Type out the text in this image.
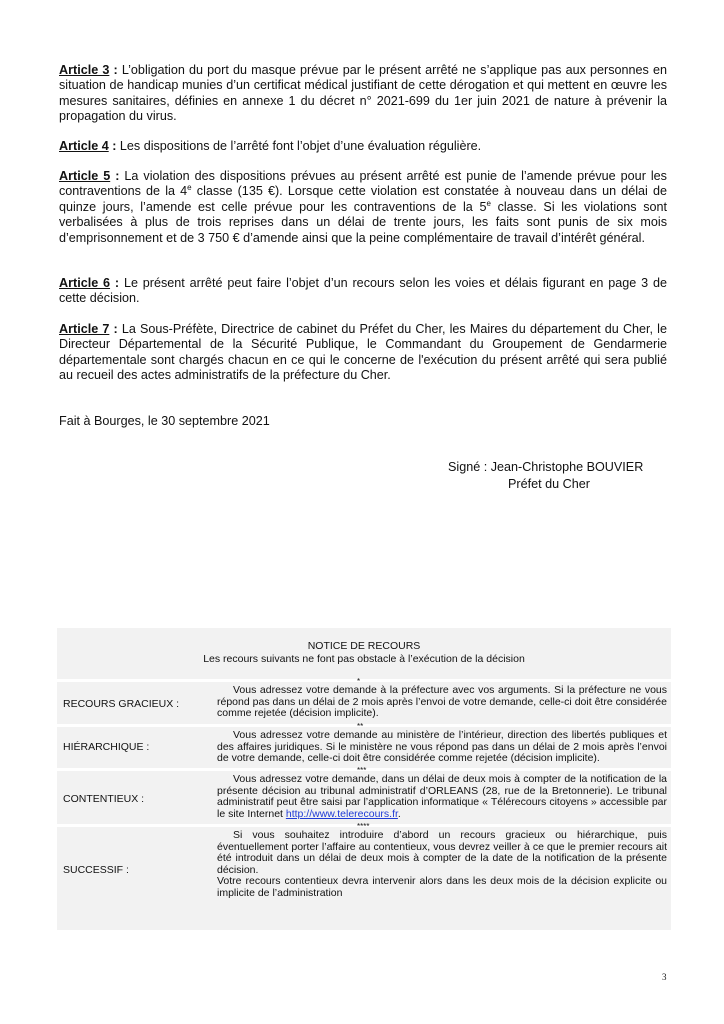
Article 3 : L’obligation du port du masque prévue par le présent arrêté ne s’applique pas aux personnes en situation de handicap munies d’un certificat médical justifiant de cette dérogation et qui mettent en œuvre les mesures sanitaires, définies en annexe 1 du décret n° 2021-699 du 1er juin 2021 de nature à prévenir la propagation du virus.

Article 4 : Les dispositions de l’arrêté font l’objet d’une évaluation régulière.

Article 5 : La violation des dispositions prévues au présent arrêté est punie de l’amende prévue pour les contraventions de la 4e classe (135 €). Lorsque cette violation est constatée à nouveau dans un délai de quinze jours, l’amende est celle prévue pour les contraventions de la 5e classe. Si les violations sont verbalisées à plus de trois reprises dans un délai de trente jours, les faits sont punis de six mois d’emprisonnement et de 3 750 € d’amende ainsi que la peine complémentaire de travail d’intérêt général.

Article 6 : Le présent arrêté peut faire l’objet d’un recours selon les voies et délais figurant en page 3 de cette décision.

Article 7 : La Sous-Préfète, Directrice de cabinet du Préfet du Cher, les Maires du département du Cher, le Directeur Départemental de la Sécurité Publique, le Commandant du Groupement de Gendarmerie départementale sont chargés chacun en ce qui le concerne de l'exécution du présent arrêté qui sera publié au recueil des actes administratifs de la préfecture du Cher.

Fait à Bourges, le 30 septembre 2021

Signé : Jean-Christophe BOUVIER
Préfet du Cher
NOTICE DE RECOURS
Les recours suivants ne font pas obstacle à l’exécution de la décision
*
RECOURS GRACIEUX :

Vous adressez votre demande à la préfecture avec vos arguments. Si la préfecture ne vous répond pas dans un délai de 2 mois après l’envoi de votre demande, celle-ci doit être considérée comme rejetée (décision implicite).

**
HIÉRARCHIQUE :

Vous adressez votre demande au ministère de l’intérieur, direction des libertés publiques et des affaires juridiques. Si le ministère ne vous répond pas dans un délai de 2 mois après l’envoi de votre demande, celle-ci doit être considérée comme rejetée (décision implicite).

***
CONTENTIEUX :

Vous adressez votre demande, dans un délai de deux mois à compter de la notification de la présente décision au tribunal administratif d’ORLEANS (28, rue de la Bretonnerie). Le tribunal administratif peut être saisi par l’application informatique « Télérecours citoyens » accessible par le site Internet http://www.telerecours.fr.

****
SUCCESSIF :

Si vous souhaitez introduire d’abord un recours gracieux ou hiérarchique, puis éventuellement porter l’affaire au contentieux, vous devrez veiller à ce que le premier recours ait été introduit dans un délai de deux mois à compter de la date de la notification de la présente décision.

Votre recours contentieux devra intervenir alors dans les deux mois de la décision explicite ou implicite de l’administration

3
